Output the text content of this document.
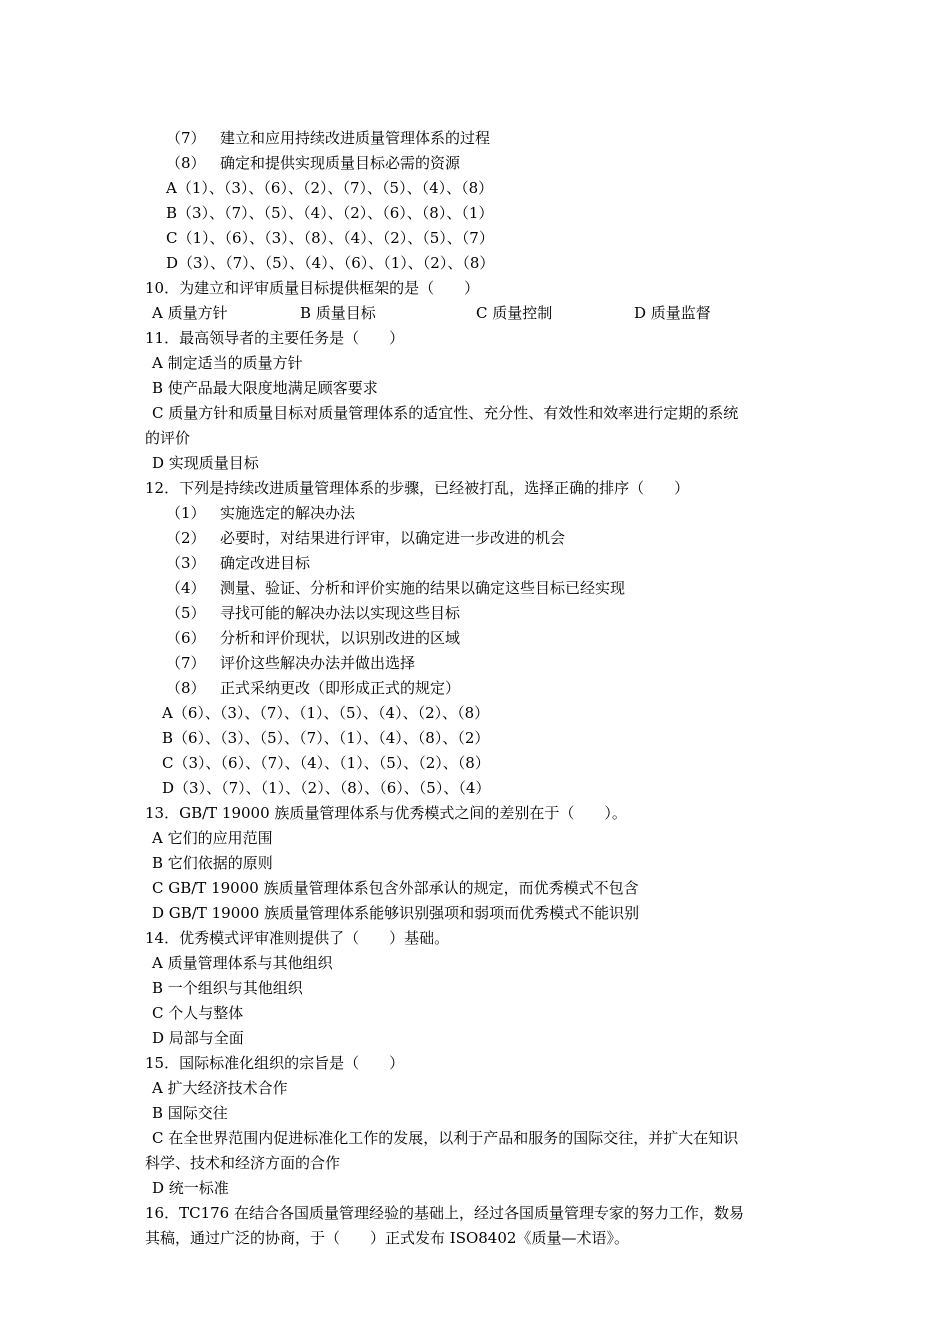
（7） 建立和应用持续改进质量管理体系的过程
（8） 确定和提供实现质量目标必需的资源
A（1）、（3）、（6）、（2）、（7）、（5）、（4）、（8）
B（3）、（7）、（5）、（4）、（2）、（6）、（8）、（1）
C（1）、（6）、（3）、（8）、（4）、（2）、（5）、（7）
D（3）、（7）、（5）、（4）、（6）、（1）、（2）、（8）
10．为建立和评审质量目标提供框架的是（　　）
A 质量方针	B 质量目标	C 质量控制	D 质量监督
11．最高领导者的主要任务是（　　）
A 制定适当的质量方针
B 使产品最大限度地满足顾客要求
C 质量方针和质量目标对质量管理体系的适宜性、充分性、有效性和效率进行定期的系统
的评价
D 实现质量目标
12．下列是持续改进质量管理体系的步骤，已经被打乱，选择正确的排序（　　）
（1） 实施选定的解决办法
（2） 必要时，对结果进行评审，以确定进一步改进的机会
（3） 确定改进目标
（4） 测量、验证、分析和评价实施的结果以确定这些目标已经实现
（5） 寻找可能的解决办法以实现这些目标
（6） 分析和评价现状，以识别改进的区域
（7） 评价这些解决办法并做出选择
（8） 正式采纳更改（即形成正式的规定）
A（6）、（3）、（7）、（1）、（5）、（4）、（2）、（8）
B（6）、（3）、（5）、（7）、（1）、（4）、（8）、（2）
C（3）、（6）、（7）、（4）、（1）、（5）、（2）、（8）
D（3）、（7）、（1）、（2）、（8）、（6）、（5）、（4）
13．GB/T 19000 族质量管理体系与优秀模式之间的差别在于（　　）。
A 它们的应用范围
B 它们依据的原则
C GB/T 19000 族质量管理体系包含外部承认的规定，而优秀模式不包含
D GB/T 19000 族质量管理体系能够识别强项和弱项而优秀模式不能识别
14．优秀模式评审准则提供了（　　）基础。
A 质量管理体系与其他组织
B 一个组织与其他组织
C 个人与整体
D 局部与全面
15．国际标准化组织的宗旨是（　　）
A 扩大经济技术合作
B 国际交往
C 在全世界范围内促进标准化工作的发展，以利于产品和服务的国际交往，并扩大在知识
科学、技术和经济方面的合作
D 统一标准
16．TC176 在结合各国质量管理经验的基础上，经过各国质量管理专家的努力工作，数易
其稿，通过广泛的协商，于（　　）正式发布 ISO8402《质量—术语》。
